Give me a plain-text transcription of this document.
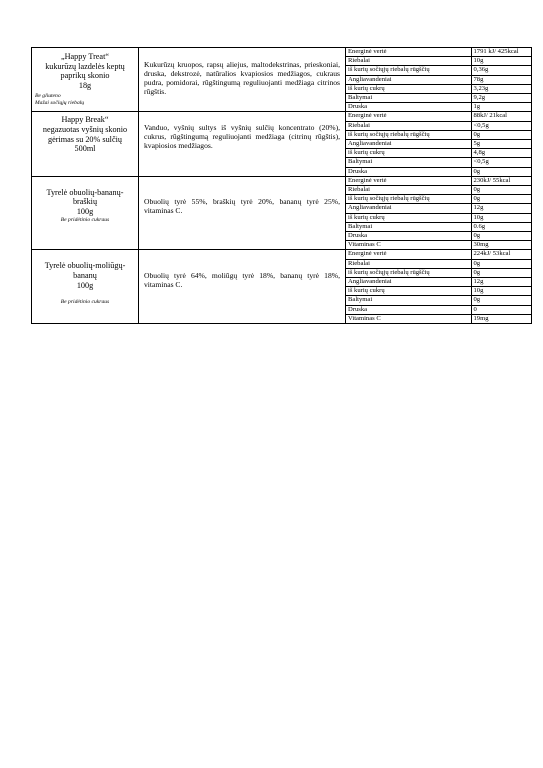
„Happy Treat“
kukurūzų lazdelės keptų
paprikų skonio
18g
Be gliuteno
Mažai sočiųjų riebalų

Kukurūzų kruopos, rapsų aliejus, maltodekstrinas, prieskoniai, druska, dekstrozė, natūralios kvapiosios medžiagos, cukraus pudra, pomidorai, rūgštingumą reguliuojanti medžiaga citrinos rūgštis.

Energinė vertė	1791 kJ/ 425kcal
Riebalai	10g
iš kurių sočiųjų riebalų rūgščių	0,36g
Angliavandeniai	78g
iš kurių cukrų	3,23g
Baltymai	9,2g
Druska	1g

Happy Break“
negazuotas vyšnių skonio
gėrimas su 20% sulčių
500ml

Vanduo, vyšnių sultys iš vyšnių sulčių koncentrato (20%), cukrus, rūgštingumą reguliuojanti medžiaga (citrinų rūgštis), kvapiosios medžiagos.

Energinė vertė	88kJ/ 21kcal
Riebalai	<0,5g
iš kurių sočiųjų riebalų rūgščių	0g
Angliavandeniai	5g
iš kurių cukrų	4,8g
Baltymai	<0,5g
Druska	0g

Tyrelė obuolių-bananų-
braškių
100g
Be pridėtinio cukraus

Obuolių tyrė 55%, braškių tyrė 20%, bananų tyrė 25%, vitaminas C.

Energinė vertė	230kJ/ 55kcal
Riebalai	0g
iš kurių sočiųjų riebalų rūgščių	0g
Angliavandeniai	12g
iš kurių cukrų	10g
Baltymai	0.6g
Druska	0g
Vitaminas C	30mg

Tyrelė obuolių-moliūgų-
bananų
100g
Be pridėtinio cukraus

Obuolių tyrė 64%, moliūgų tyrė 18%, bananų tyrė 18%, vitaminas C.

Energinė vertė	224kJ/ 53kcal
Riebalai	0g
iš kurių sočiųjų riebalų rūgščių	0g
Angliavandeniai	12g
iš kurių cukrų	10g
Baltymai	0g
Druska	0
Vitaminas C	19mg
